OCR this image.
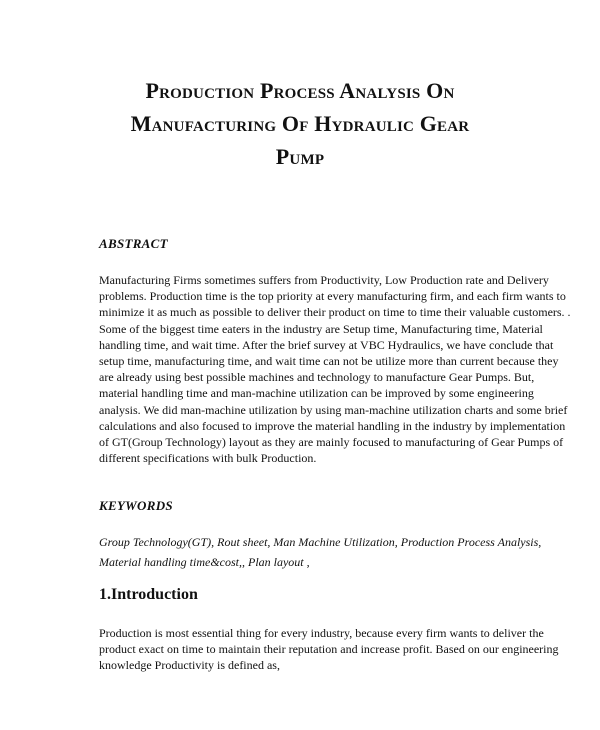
Production Process Analysis On
Manufacturing Of Hydraulic Gear
Pump
ABSTRACT
Manufacturing Firms sometimes suffers from Productivity, Low Production rate and Delivery
problems. Production time is the top priority at every manufacturing firm, and each firm wants to
minimize it as much as possible to deliver their product on time to time their valuable customers. .
Some of the biggest time eaters in the industry are Setup time, Manufacturing time, Material
handling time, and wait time. After the brief survey at VBC Hydraulics, we have conclude that
setup time, manufacturing time, and wait time can not be utilize more than current because they
are already using best possible machines and technology to manufacture Gear Pumps. But,
material handling time and man-machine utilization can be improved by some engineering
analysis. We did man-machine utilization by using man-machine utilization charts and some brief
calculations and also focused to improve the material handling in the industry by implementation
of GT(Group Technology) layout as they are mainly focused to manufacturing of Gear Pumps of
different specifications with bulk Production.
KEYWORDS
Group Technology(GT), Rout sheet, Man Machine Utilization, Production Process Analysis,
Material handling time&cost,, Plan layout ,
1.Introduction
Production is most essential thing for every industry, because every firm wants to deliver the
product exact on time to maintain their reputation and increase profit. Based on our engineering
knowledge Productivity is defined as,
